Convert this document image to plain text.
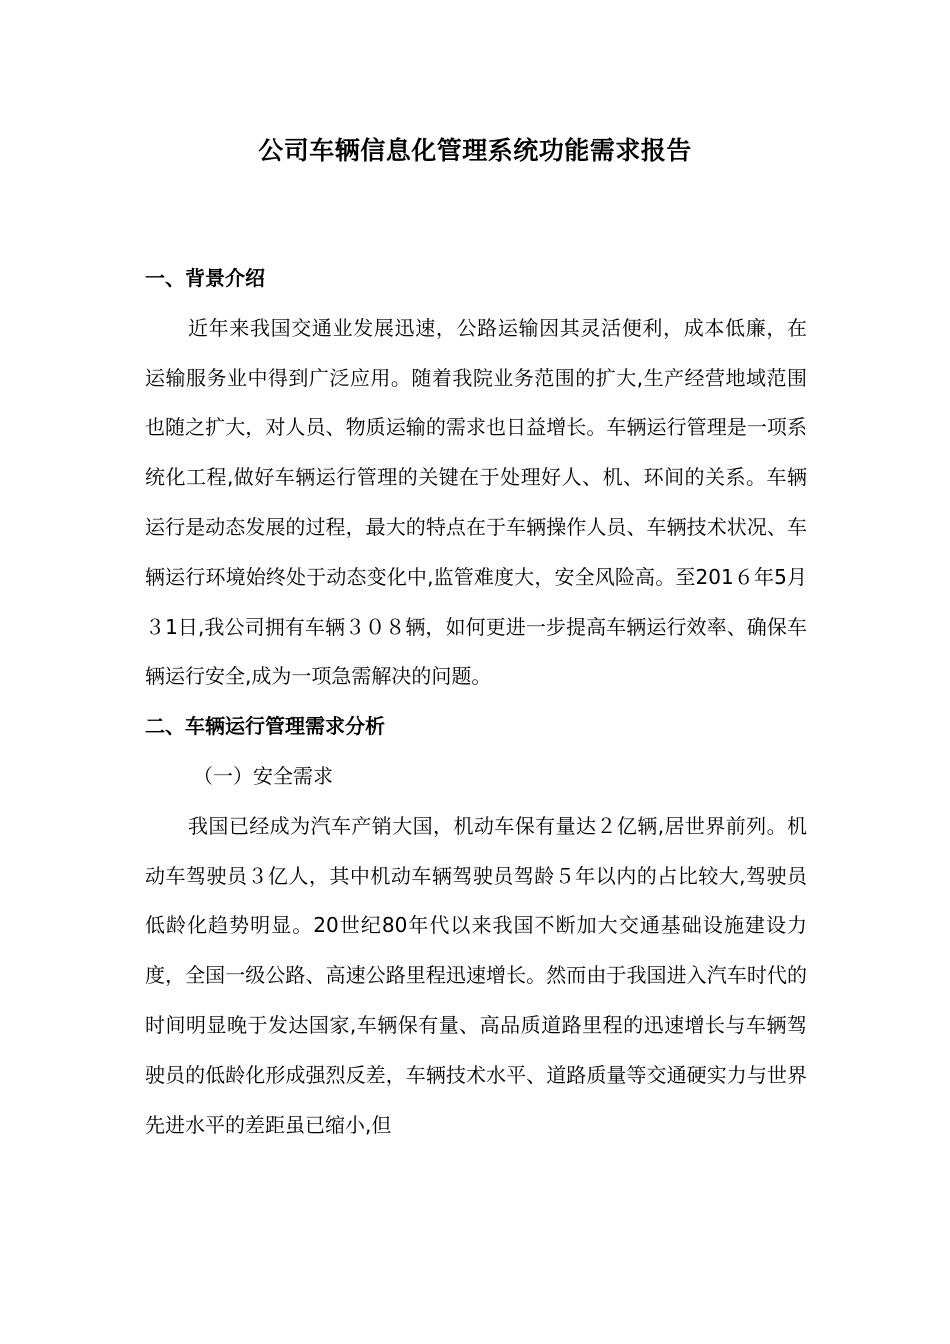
公司车辆信息化管理系统功能需求报告

一、背景介绍

近年来我国交通业发展迅速，公路运输因其灵活便利，成本低廉，在运输服务业中得到广泛应用。随着我院业务范围的扩大,生产经营地域范围也随之扩大，对人员、物质运输的需求也日益增长。车辆运行管理是一项系统化工程,做好车辆运行管理的关键在于处理好人、机、环间的关系。车辆运行是动态发展的过程，最大的特点在于车辆操作人员、车辆技术状况、车辆运行环境始终处于动态变化中,监管难度大，安全风险高。至201６年5月３1日,我公司拥有车辆３０８辆，如何更进一步提高车辆运行效率、确保车辆运行安全,成为一项急需解决的问题。

二、车辆运行管理需求分析

（一）安全需求

我国已经成为汽车产销大国，机动车保有量达２亿辆,居世界前列。机动车驾驶员３亿人，其中机动车辆驾驶员驾龄５年以内的占比较大,驾驶员低龄化趋势明显。20世纪80年代以来我国不断加大交通基础设施建设力度，全国一级公路、高速公路里程迅速增长。然而由于我国进入汽车时代的时间明显晚于发达国家,车辆保有量、高品质道路里程的迅速增长与车辆驾驶员的低龄化形成强烈反差，车辆技术水平、道路质量等交通硬实力与世界先进水平的差距虽已缩小,但
